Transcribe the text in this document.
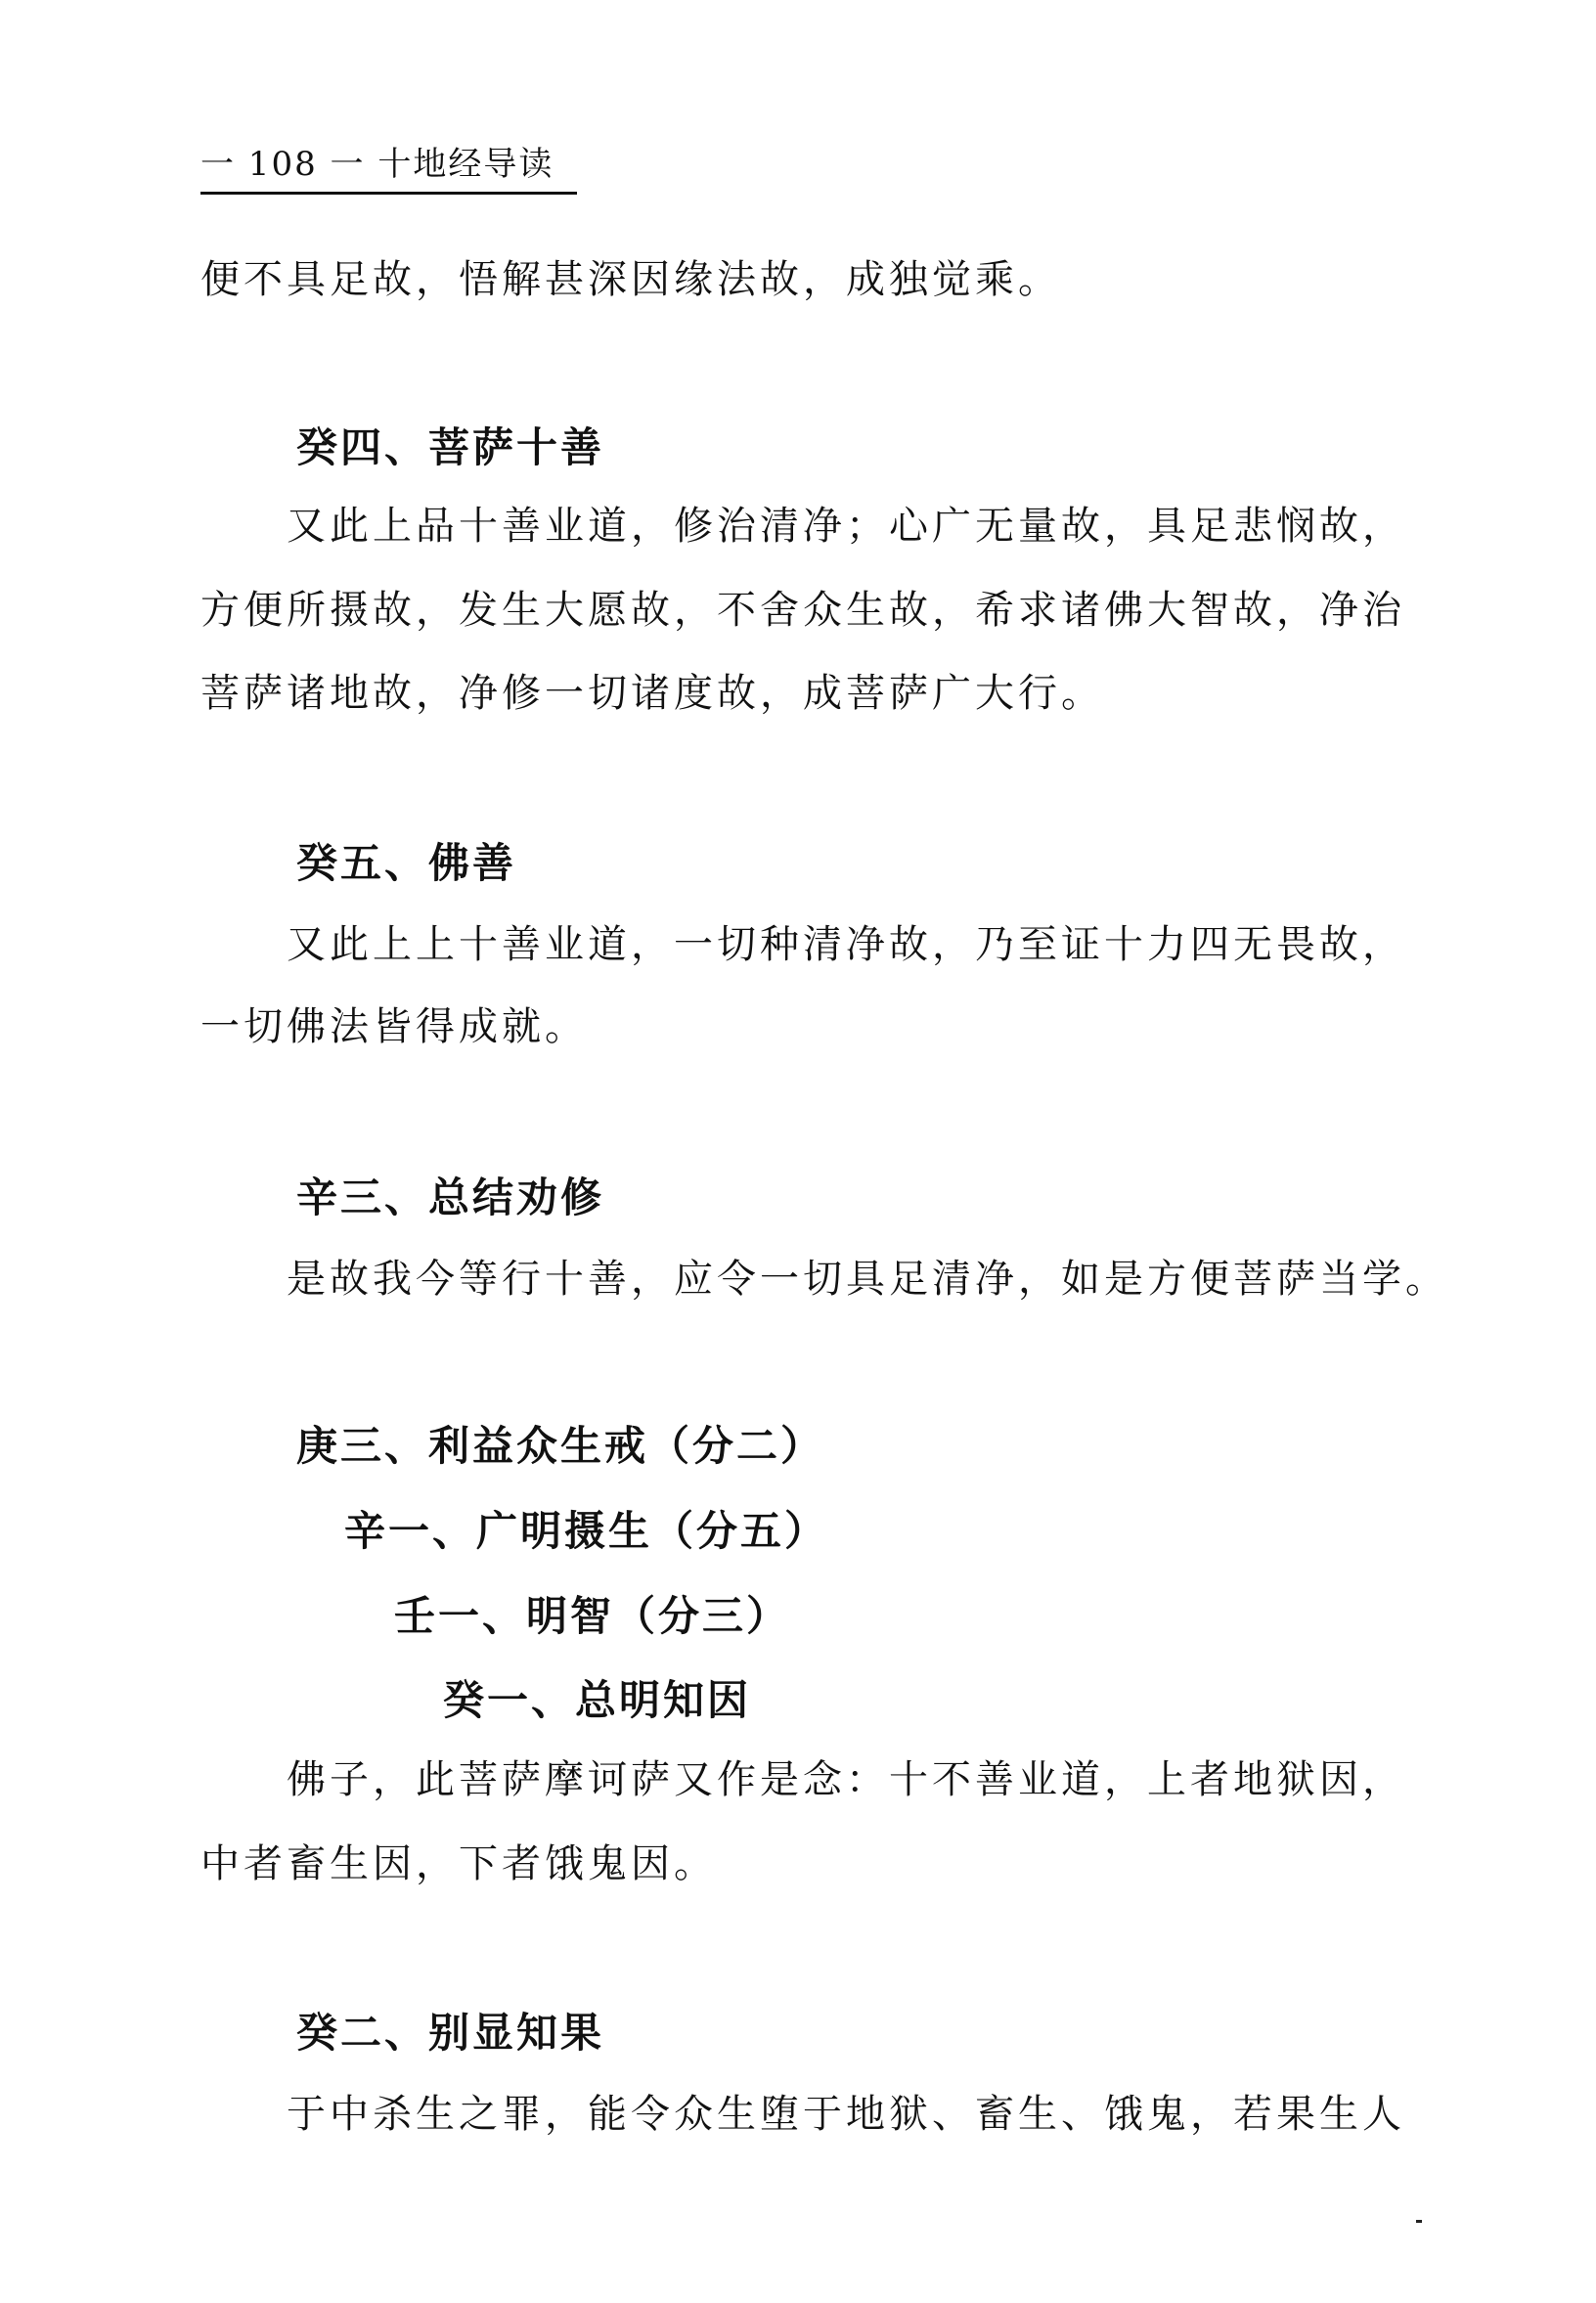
一 108 一 十地经导读
便不具足故，悟解甚深因缘法故，成独觉乘。
癸四、菩萨十善
又此上品十善业道，修治清净；心广无量故，具足悲悯故，
方便所摄故，发生大愿故，不舍众生故，希求诸佛大智故，净治
菩萨诸地故，净修一切诸度故，成菩萨广大行。
癸五、佛善
又此上上十善业道，一切种清净故，乃至证十力四无畏故，
一切佛法皆得成就。
辛三、总结劝修
是故我今等行十善，应令一切具足清净，如是方便菩萨当学。
庚三、利益众生戒（分二）
辛一、广明摄生（分五）
壬一、明智（分三）
癸一、总明知因
佛子，此菩萨摩诃萨又作是念：十不善业道，上者地狱因，
中者畜生因，下者饿鬼因。
癸二、别显知果
于中杀生之罪，能令众生堕于地狱、畜生、饿鬼，若果生人
